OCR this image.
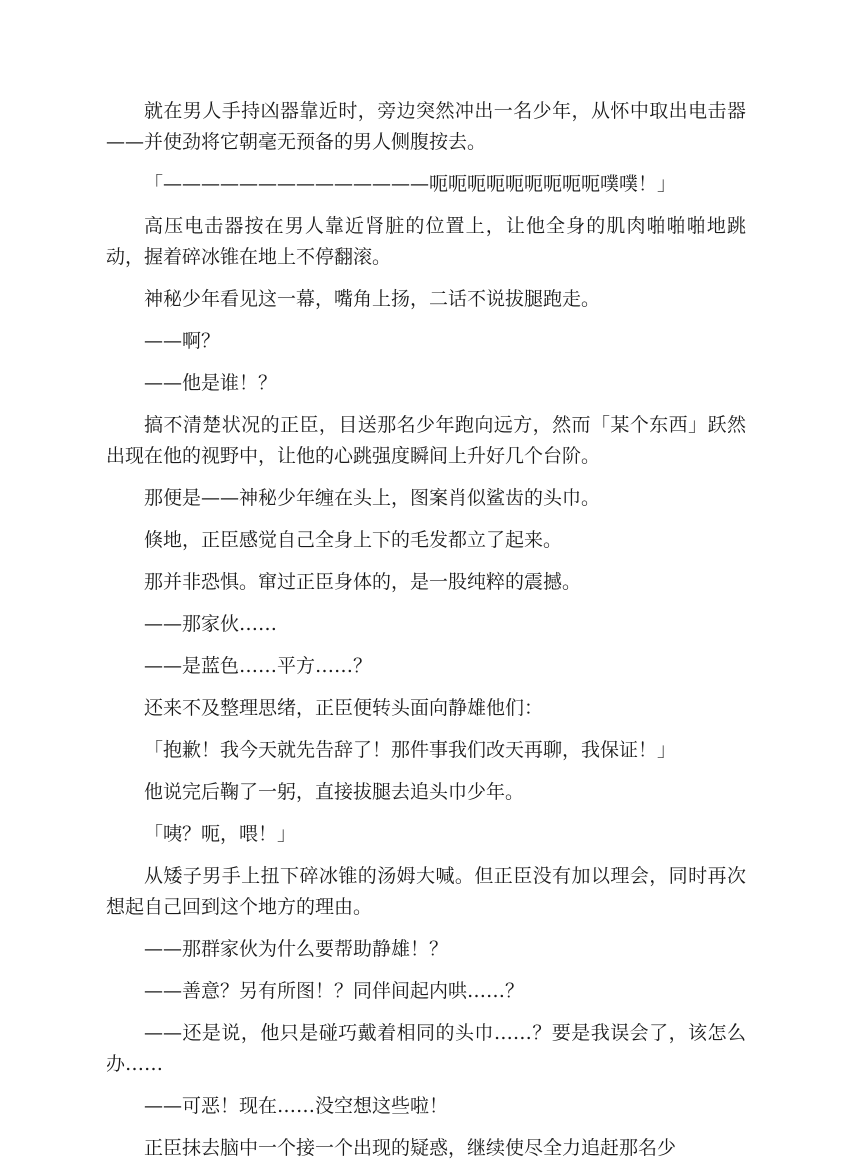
就在男人手持凶器靠近时，旁边突然冲出一名少年，从怀中取出电击器——并使劲将它朝毫无预备的男人侧腹按去。

「——————————————呃呃呃呃呃呃呃呃呃噗噗！」

高压电击器按在男人靠近肾脏的位置上，让他全身的肌肉啪啪啪地跳动，握着碎冰锥在地上不停翻滚。

神秘少年看见这一幕，嘴角上扬，二话不说拔腿跑走。

——啊？

——他是谁！？

搞不清楚状况的正臣，目送那名少年跑向远方，然而「某个东西」跃然出现在他的视野中，让他的心跳强度瞬间上升好几个台阶。

那便是——神秘少年缠在头上，图案肖似鲨齿的头巾。

倏地，正臣感觉自己全身上下的毛发都立了起来。

那并非恐惧。窜过正臣身体的，是一股纯粹的震撼。

——那家伙……

——是蓝色……平方……？

还来不及整理思绪，正臣便转头面向静雄他们：

「抱歉！我今天就先告辞了！那件事我们改天再聊，我保证！」

他说完后鞠了一躬，直接拔腿去追头巾少年。

「咦？呃，喂！」

从矮子男手上扭下碎冰锥的汤姆大喊。但正臣没有加以理会，同时再次想起自己回到这个地方的理由。

——那群家伙为什么要帮助静雄！？

——善意？另有所图！？同伴间起内哄……？

——还是说，他只是碰巧戴着相同的头巾……？要是我误会了，该怎么办……

——可恶！现在……没空想这些啦！

正臣抹去脑中一个接一个出现的疑惑，继续使尽全力追赶那名少
